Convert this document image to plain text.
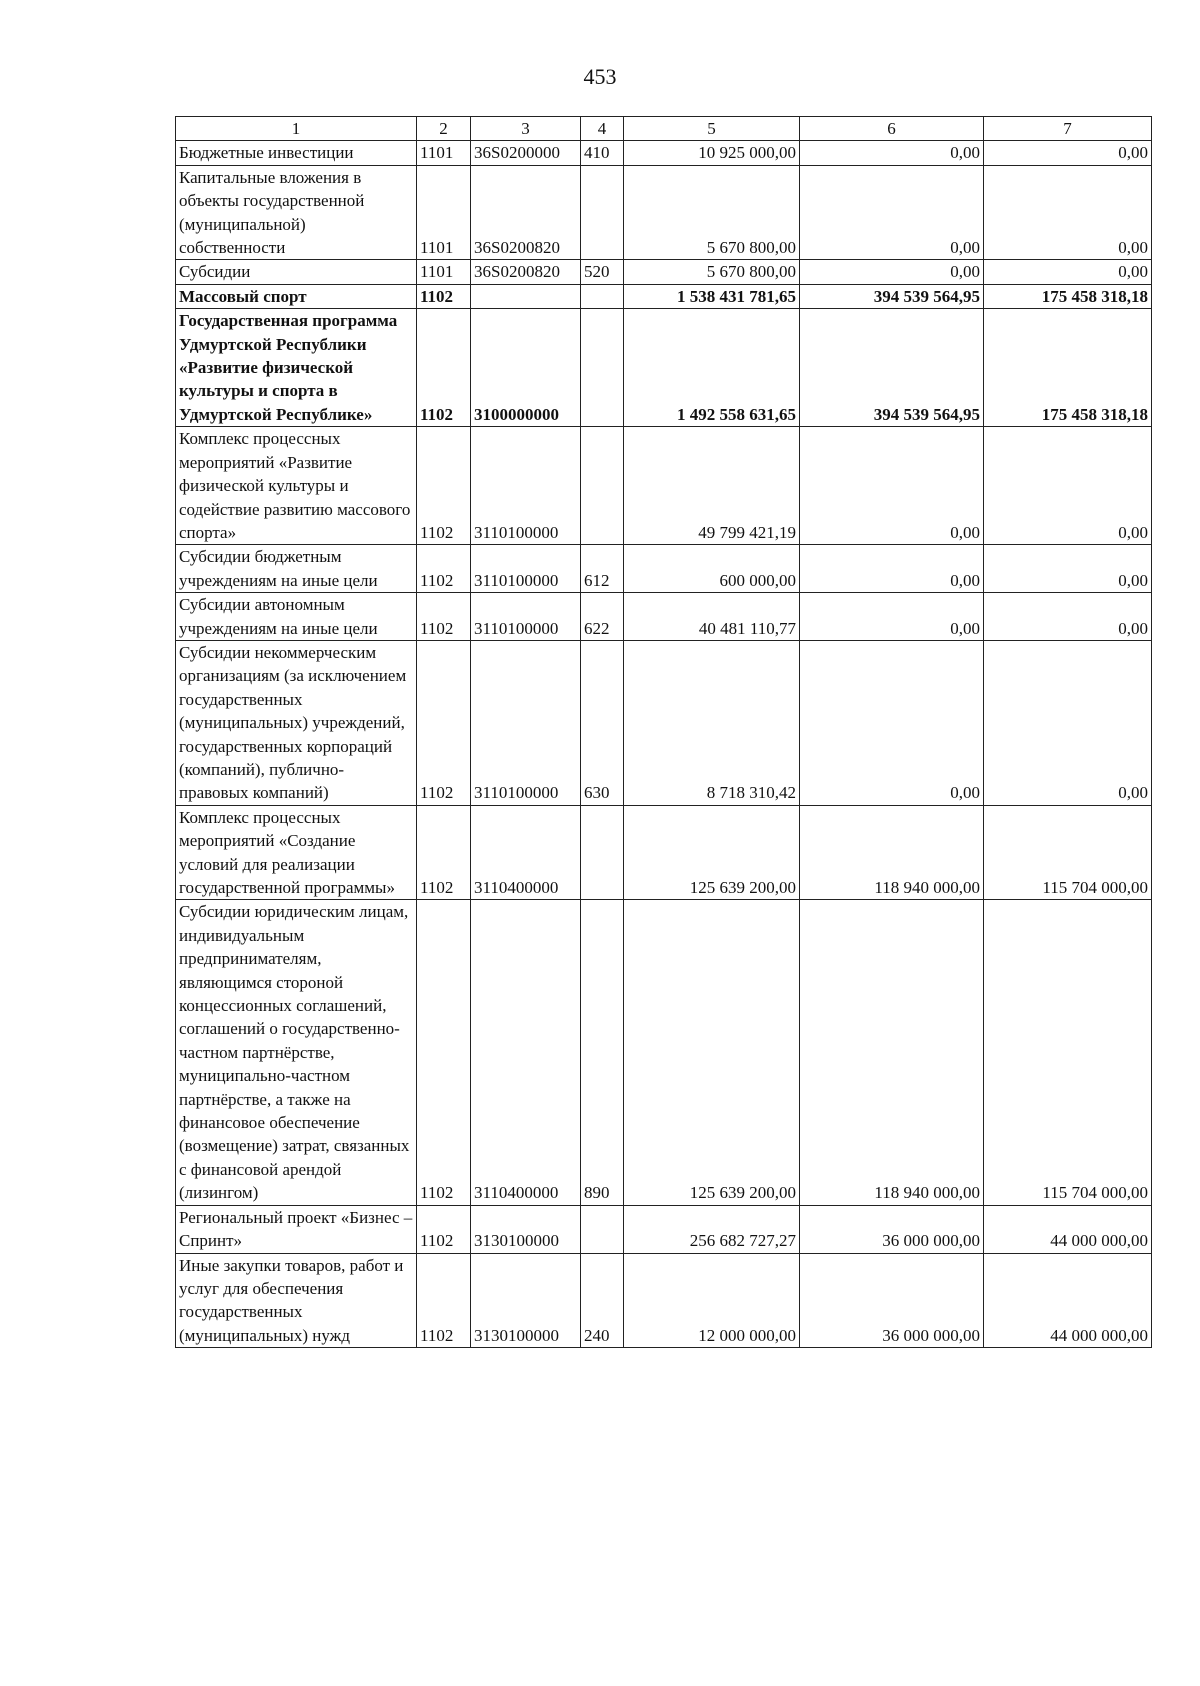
453
1	2	3	4	5	6	7
Бюджетные инвестиции	1101	36S0200000	410	10 925 000,00	0,00	0,00
Капитальные вложения в объекты государственной (муниципальной) собственности	1101	36S0200820		5 670 800,00	0,00	0,00
Субсидии	1101	36S0200820	520	5 670 800,00	0,00	0,00
Массовый спорт	1102			1 538 431 781,65	394 539 564,95	175 458 318,18
Государственная программа Удмуртской Республики «Развитие физической культуры и спорта в Удмуртской Республике»	1102	3100000000		1 492 558 631,65	394 539 564,95	175 458 318,18
Комплекс процессных мероприятий «Развитие физической культуры и содействие развитию массового спорта»	1102	3110100000		49 799 421,19	0,00	0,00
Субсидии бюджетным учреждениям на иные цели	1102	3110100000	612	600 000,00	0,00	0,00
Субсидии автономным учреждениям на иные цели	1102	3110100000	622	40 481 110,77	0,00	0,00
Субсидии некоммерческим организациям (за исключением государственных (муниципальных) учреждений, государственных корпораций (компаний), публично-правовых компаний)	1102	3110100000	630	8 718 310,42	0,00	0,00
Комплекс процессных мероприятий «Создание условий для реализации государственной программы»	1102	3110400000		125 639 200,00	118 940 000,00	115 704 000,00
Субсидии юридическим лицам, индивидуальным предпринимателям, являющимся стороной концессионных соглашений, соглашений о государственно-частном партнёрстве, муниципально-частном партнёрстве, а также на финансовое обеспечение (возмещение) затрат, связанных с финансовой арендой (лизингом)	1102	3110400000	890	125 639 200,00	118 940 000,00	115 704 000,00
Региональный проект «Бизнес – Спринт»	1102	3130100000		256 682 727,27	36 000 000,00	44 000 000,00
Иные закупки товаров, работ и услуг для обеспечения государственных (муниципальных) нужд	1102	3130100000	240	12 000 000,00	36 000 000,00	44 000 000,00
